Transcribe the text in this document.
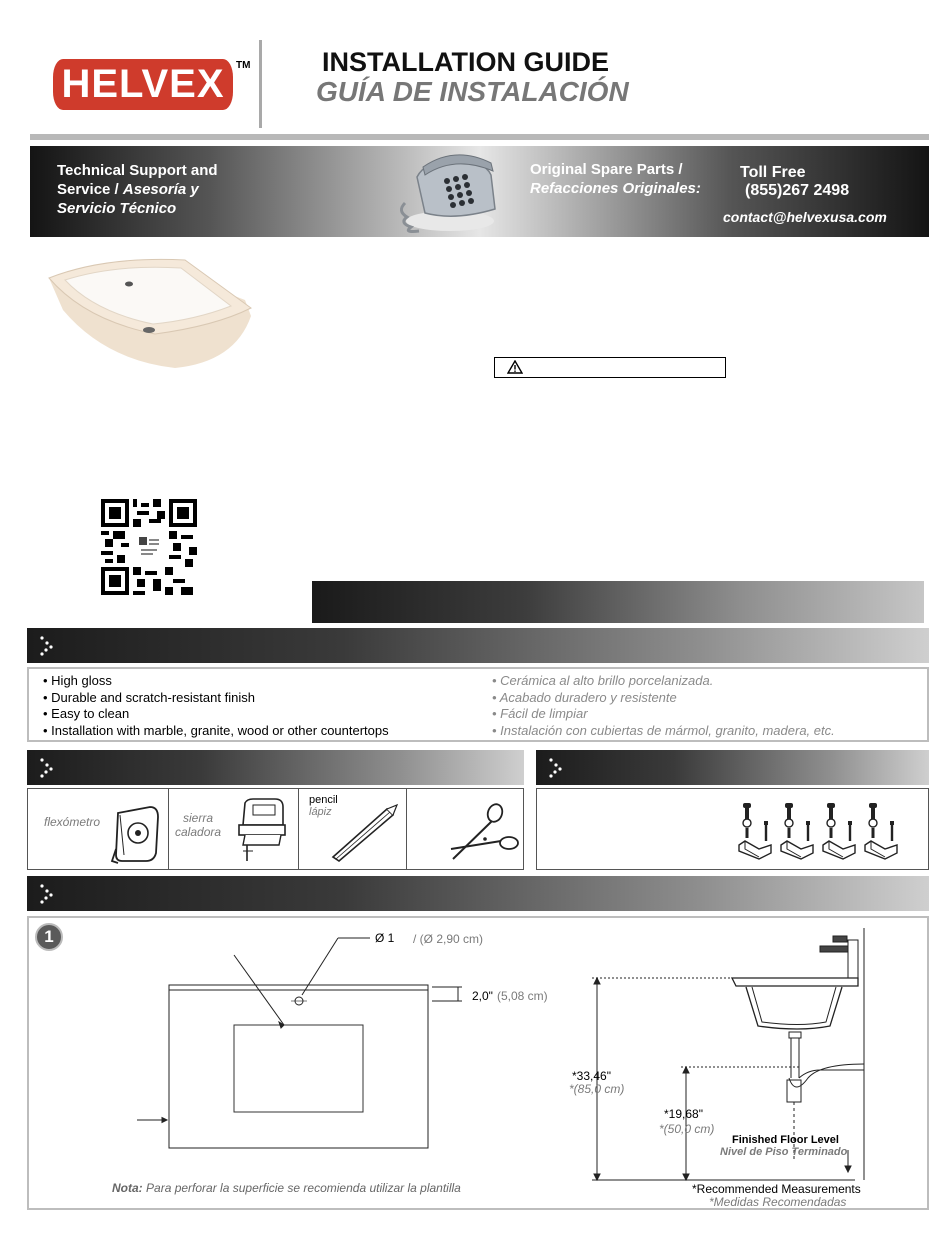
HELVEX TM	INSTALLATION GUIDE
GUÍA DE INSTALACIÓN
Technical Support and
Service / Asesoría y
Servicio Técnico
Original Spare Parts /
Refacciones Originales:
Toll Free
(855)267 2498
contact@helvexusa.com
• High gloss
• Durable and scratch-resistant finish
• Easy to clean
• Installation with marble, granite, wood or other countertops
• Cerámica al alto brillo porcelanizada.
• Acabado duradero y resistente
• Fácil de limpiar
• Instalación con cubiertas de mármol, granito, madera, etc.
flexómetro	sierra
caladora
pencil
lápiz
1	Ø 1 / (Ø 2,90 cm)
2,0" (5,08 cm)
Nota: Para perforar la superficie se recomienda utilizar la plantilla
*33,46"
*(85,0 cm)
*19,68"
*(50,0 cm)
Finished Floor Level
Nivel de Piso Terminado
*Recommended Measurements
*Medidas Recomendadas
